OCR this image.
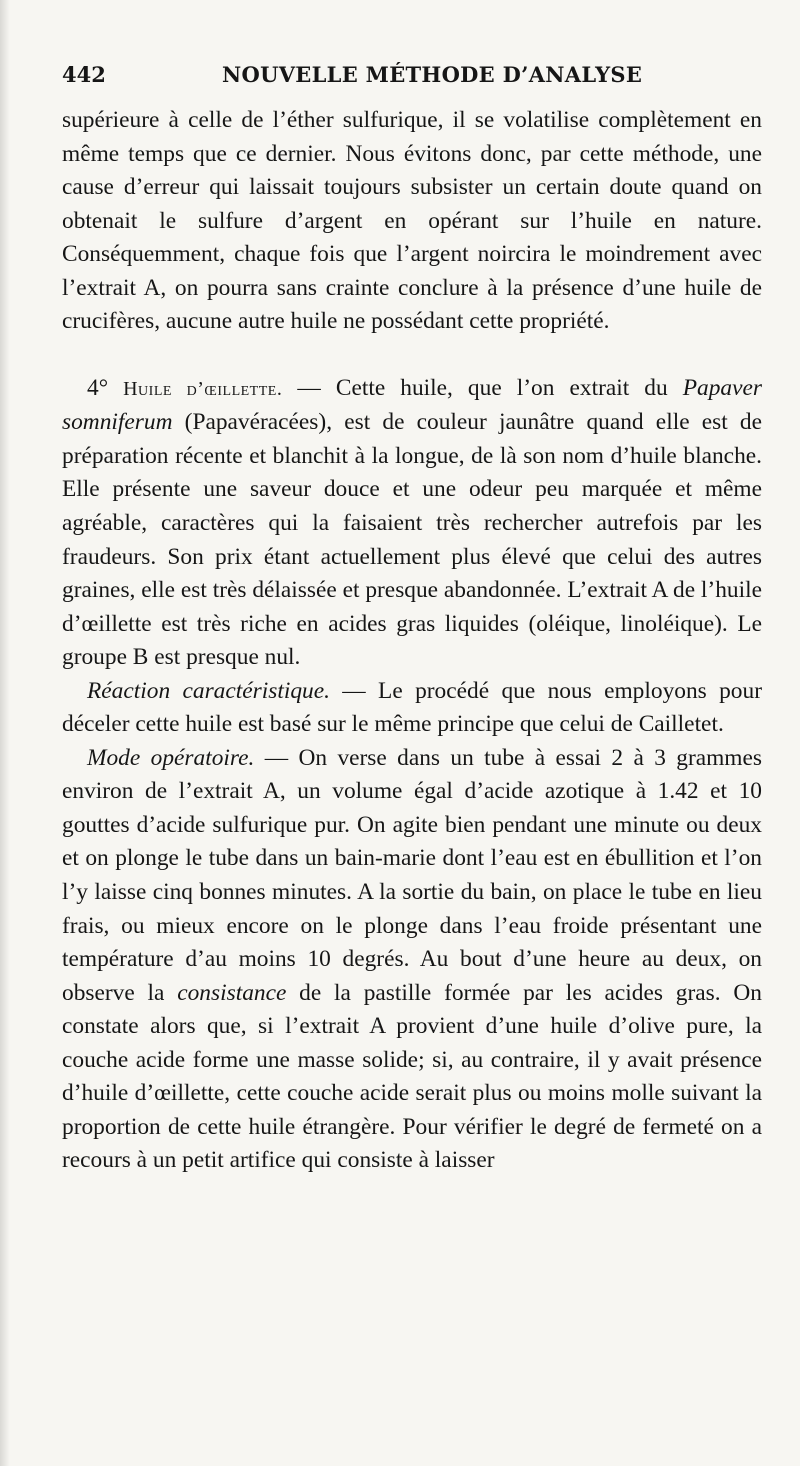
442	NOUVELLE MÉTHODE D’ANALYSE

supérieure à celle de l’éther sulfurique, il se volatilise complètement en même temps que ce dernier. Nous évitons donc, par cette méthode, une cause d’erreur qui laissait toujours subsister un certain doute quand on obtenait le sulfure d’argent en opérant sur l’huile en nature. Conséquemment, chaque fois que l’argent noircira le moindrement avec l’extrait A, on pourra sans crainte conclure à la présence d’une huile de crucifères, aucune autre huile ne possédant cette propriété.

4° Huile d’œillette. — Cette huile, que l’on extrait du Papaver somniferum (Papavéracées), est de couleur jaunâtre quand elle est de préparation récente et blanchit à la longue, de là son nom d’huile blanche. Elle présente une saveur douce et une odeur peu marquée et même agréable, caractères qui la faisaient très rechercher autrefois par les fraudeurs. Son prix étant actuellement plus élevé que celui des autres graines, elle est très délaissée et presque abandonnée. L’extrait A de l’huile d’œillette est très riche en acides gras liquides (oléique, linoléique). Le groupe B est presque nul.

Réaction caractéristique. — Le procédé que nous employons pour déceler cette huile est basé sur le même principe que celui de Cailletet.

Mode opératoire. — On verse dans un tube à essai 2 à 3 grammes environ de l’extrait A, un volume égal d’acide azotique à 1.42 et 10 gouttes d’acide sulfurique pur. On agite bien pendant une minute ou deux et on plonge le tube dans un bain-marie dont l’eau est en ébullition et l’on l’y laisse cinq bonnes minutes. A la sortie du bain, on place le tube en lieu frais, ou mieux encore on le plonge dans l’eau froide présentant une température d’au moins 10 degrés. Au bout d’une heure au deux, on observe la consistance de la pastille formée par les acides gras. On constate alors que, si l’extrait A provient d’une huile d’olive pure, la couche acide forme une masse solide; si, au contraire, il y avait présence d’huile d’œillette, cette couche acide serait plus ou moins molle suivant la proportion de cette huile étrangère. Pour vérifier le degré de fermeté on a recours à un petit artifice qui consiste à laisser
